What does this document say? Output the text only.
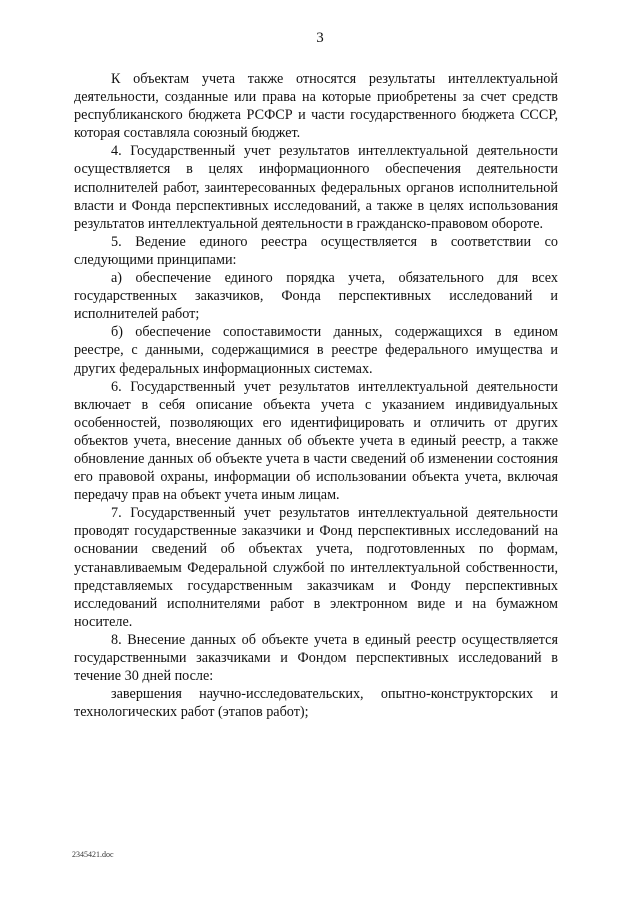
3

К объектам учета также относятся результаты интеллектуальной деятельности, созданные или права на которые приобретены за счет средств республиканского бюджета РСФСР и части государственного бюджета СССР, которая составляла союзный бюджет.

4. Государственный учет результатов интеллектуальной деятельности осуществляется в целях информационного обеспечения деятельности исполнителей работ, заинтересованных федеральных органов исполнительной власти и Фонда перспективных исследований, а также в целях использования результатов интеллектуальной деятельности в гражданско-правовом обороте.

5. Ведение единого реестра осуществляется в соответствии со следующими принципами:

а) обеспечение единого порядка учета, обязательного для всех государственных заказчиков, Фонда перспективных исследований и исполнителей работ;

б) обеспечение сопоставимости данных, содержащихся в едином реестре, с данными, содержащимися в реестре федерального имущества и других федеральных информационных системах.

6. Государственный учет результатов интеллектуальной деятельности включает в себя описание объекта учета с указанием индивидуальных особенностей, позволяющих его идентифицировать и отличить от других объектов учета, внесение данных об объекте учета в единый реестр, а также обновление данных об объекте учета в части сведений об изменении состояния его правовой охраны, информации об использовании объекта учета, включая передачу прав на объект учета иным лицам.

7. Государственный учет результатов интеллектуальной деятельности проводят государственные заказчики и Фонд перспективных исследований на основании сведений об объектах учета, подготовленных по формам, устанавливаемым Федеральной службой по интеллектуальной собственности, представляемых государственным заказчикам и Фонду перспективных исследований исполнителями работ в электронном виде и на бумажном носителе.

8. Внесение данных об объекте учета в единый реестр осуществляется государственными заказчиками и Фондом перспективных исследований в течение 30 дней после:

завершения научно-исследовательских, опытно-конструкторских и технологических работ (этапов работ);

2345421.doc
